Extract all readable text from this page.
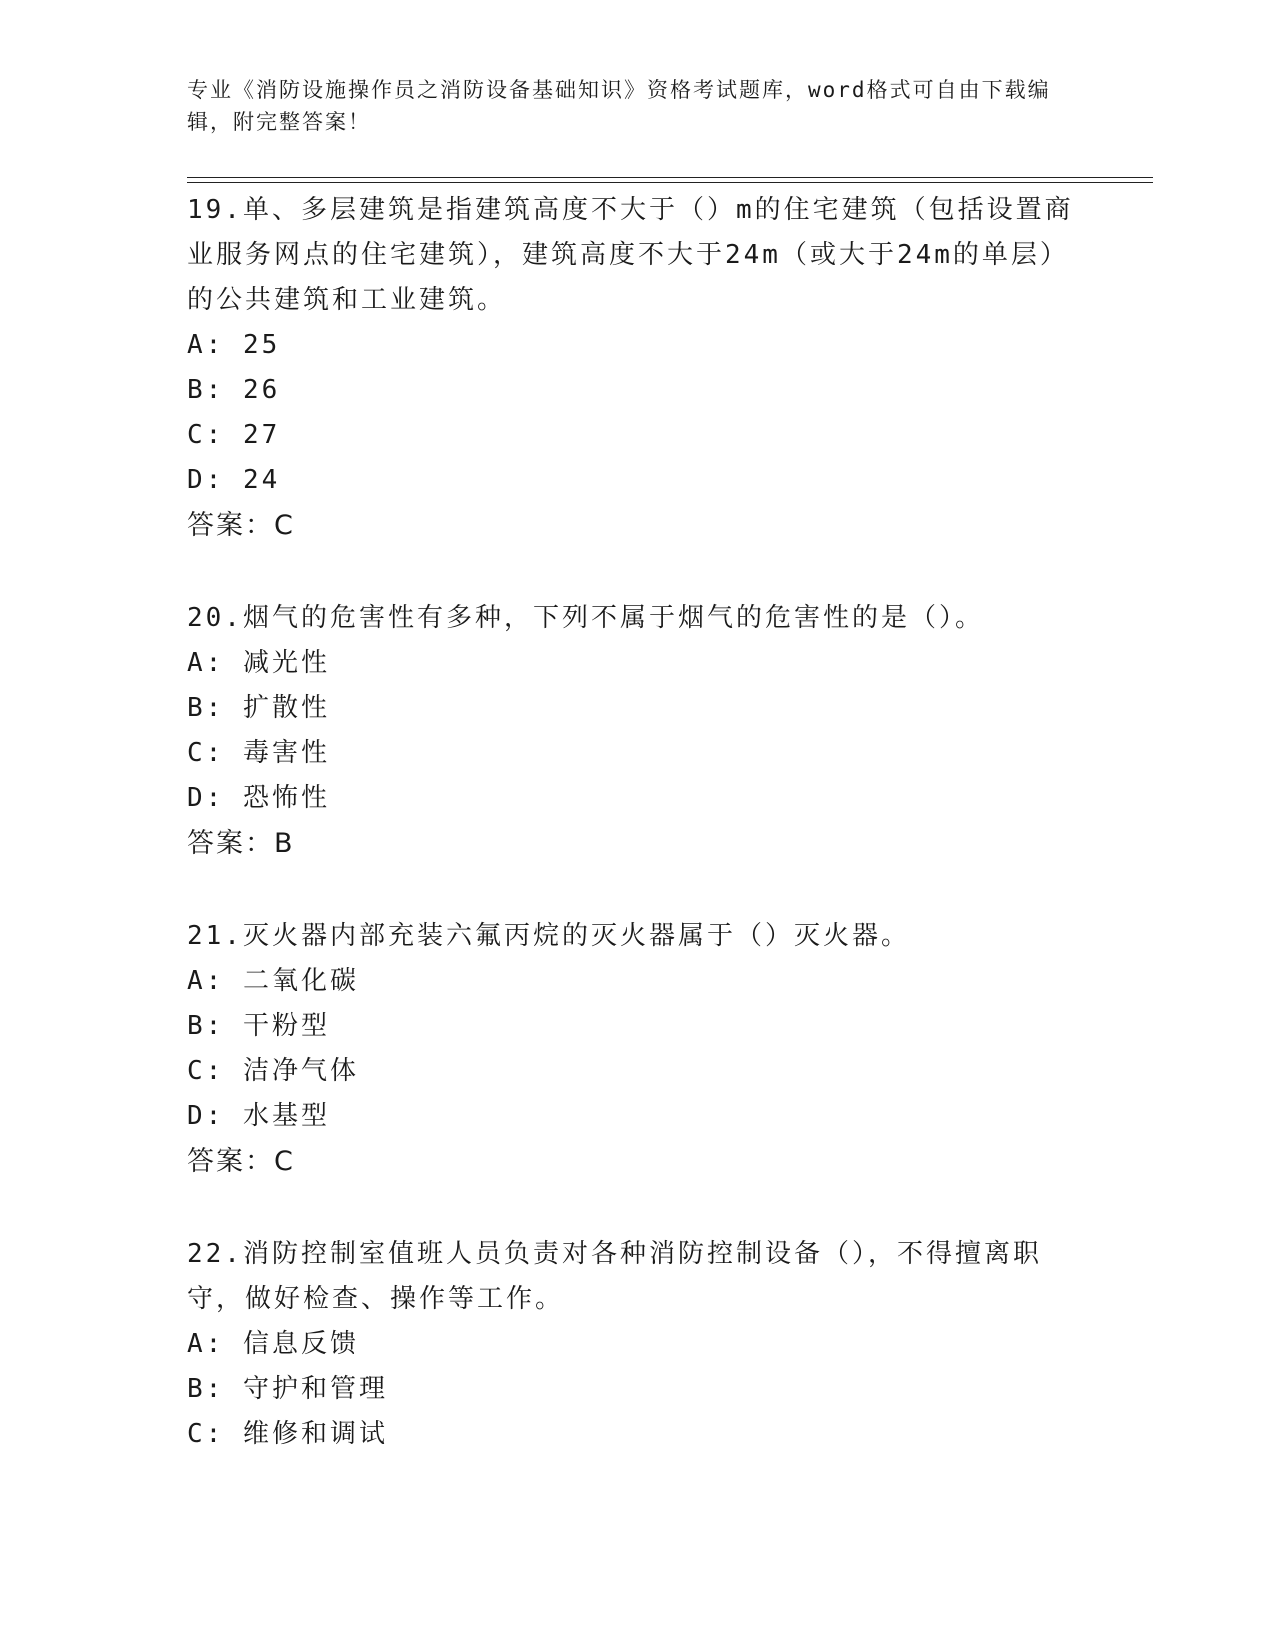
专业《消防设施操作员之消防设备基础知识》资格考试题库，word格式可自由下载编辑，附完整答案！

19.单、多层建筑是指建筑高度不大于（）m的住宅建筑（包括设置商业服务网点的住宅建筑），建筑高度不大于24m（或大于24m的单层）的公共建筑和工业建筑。

A: 25

B: 26

C: 27

D: 24

答案：C

20.烟气的危害性有多种，下列不属于烟气的危害性的是（）。

A: 减光性

B: 扩散性

C: 毒害性

D: 恐怖性

答案：B

21.灭火器内部充装六氟丙烷的灭火器属于（）灭火器。

A: 二氧化碳

B: 干粉型

C: 洁净气体

D: 水基型

答案：C

22.消防控制室值班人员负责对各种消防控制设备（），不得擅离职守，做好检查、操作等工作。

A: 信息反馈

B: 守护和管理

C: 维修和调试
